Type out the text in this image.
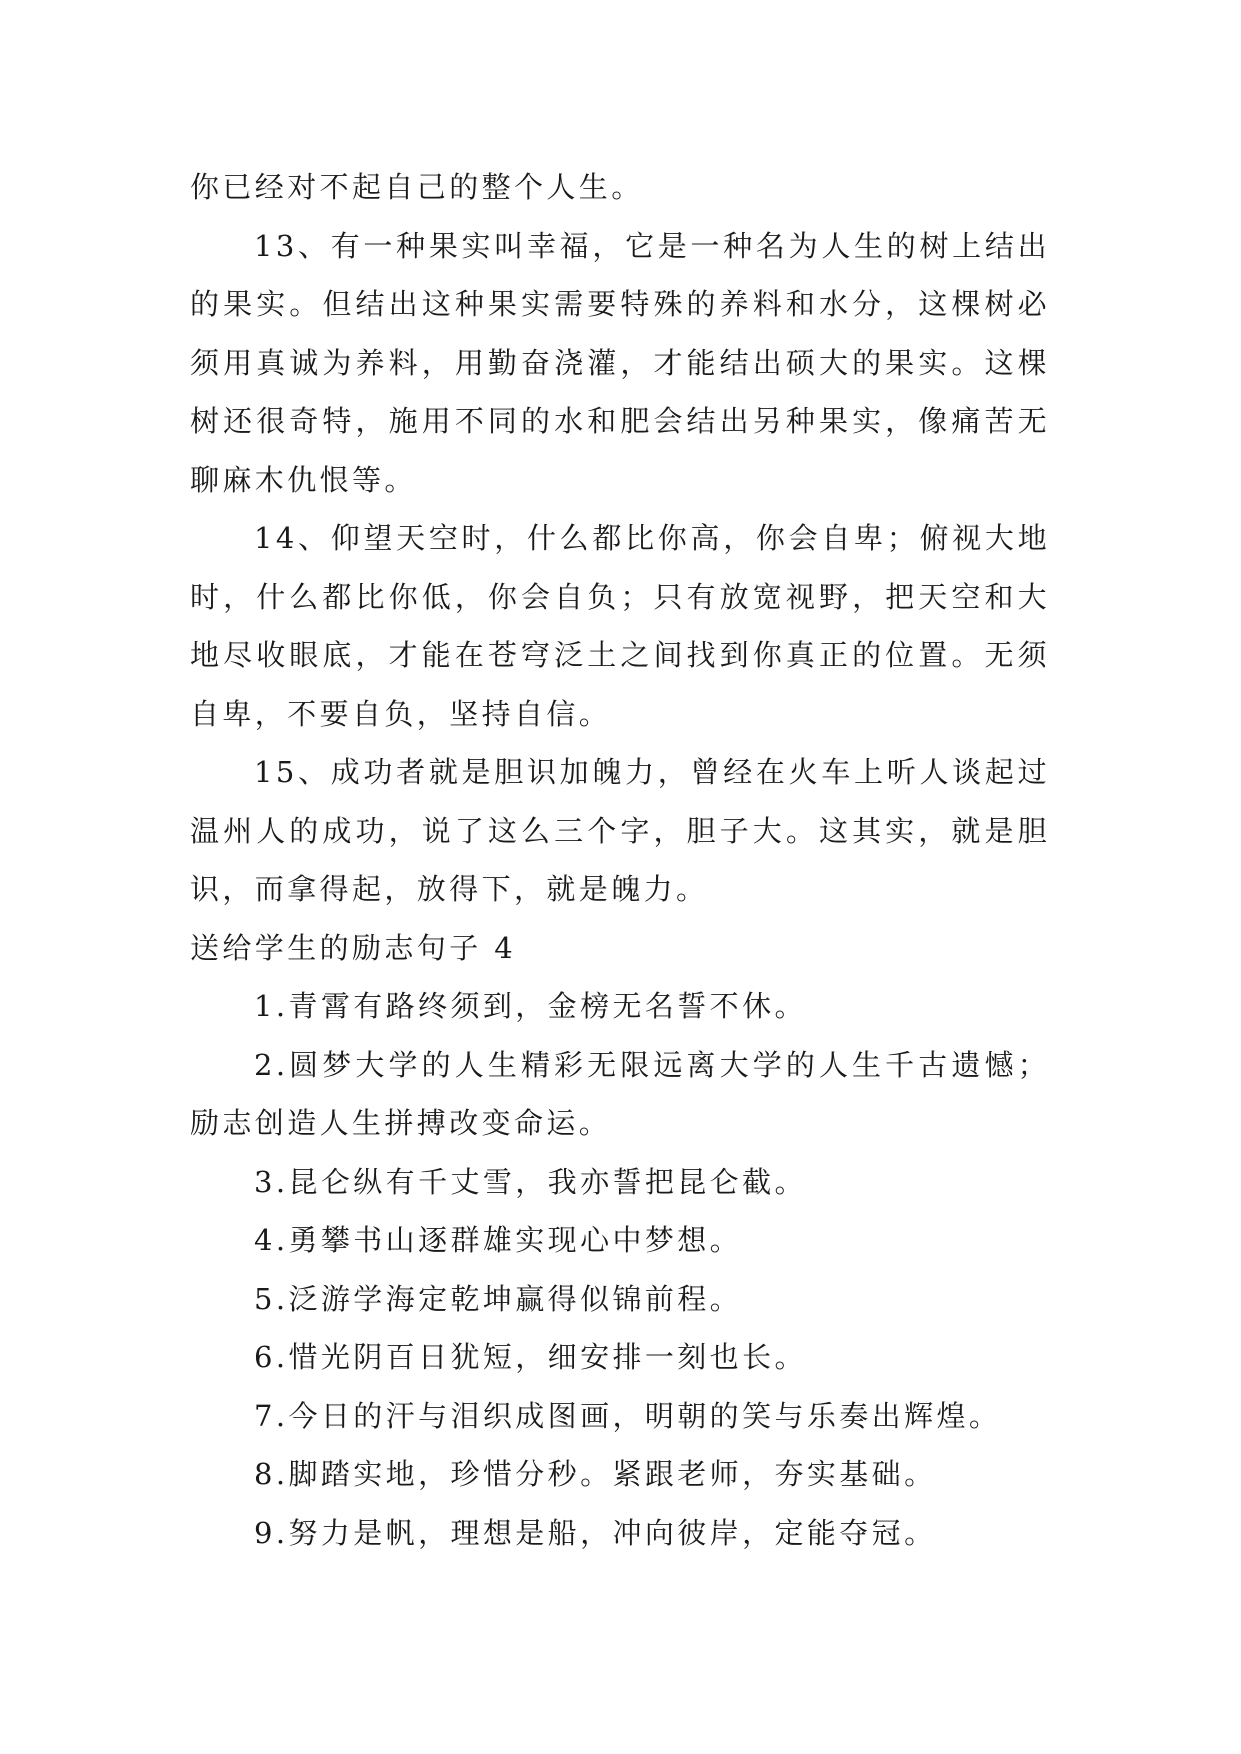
你已经对不起自己的整个人生。

13、有一种果实叫幸福，它是一种名为人生的树上结出的果实。但结出这种果实需要特殊的养料和水分，这棵树必须用真诚为养料，用勤奋浇灌，才能结出硕大的果实。这棵树还很奇特，施用不同的水和肥会结出另种果实，像痛苦无聊麻木仇恨等。

14、仰望天空时，什么都比你高，你会自卑；俯视大地时，什么都比你低，你会自负；只有放宽视野，把天空和大地尽收眼底，才能在苍穹泛土之间找到你真正的位置。无须自卑，不要自负，坚持自信。

15、成功者就是胆识加魄力，曾经在火车上听人谈起过温州人的成功，说了这么三个字，胆子大。这其实，就是胆识，而拿得起，放得下，就是魄力。

送给学生的励志句子 4

1.青霄有路终须到，金榜无名誓不休。

2.圆梦大学的人生精彩无限远离大学的人生千古遗憾；励志创造人生拼搏改变命运。

3.昆仑纵有千丈雪，我亦誓把昆仑截。

4.勇攀书山逐群雄实现心中梦想。

5.泛游学海定乾坤赢得似锦前程。

6.惜光阴百日犹短，细安排一刻也长。

7.今日的汗与泪织成图画，明朝的笑与乐奏出辉煌。

8.脚踏实地，珍惜分秒。紧跟老师，夯实基础。

9.努力是帆，理想是船，冲向彼岸，定能夺冠。
